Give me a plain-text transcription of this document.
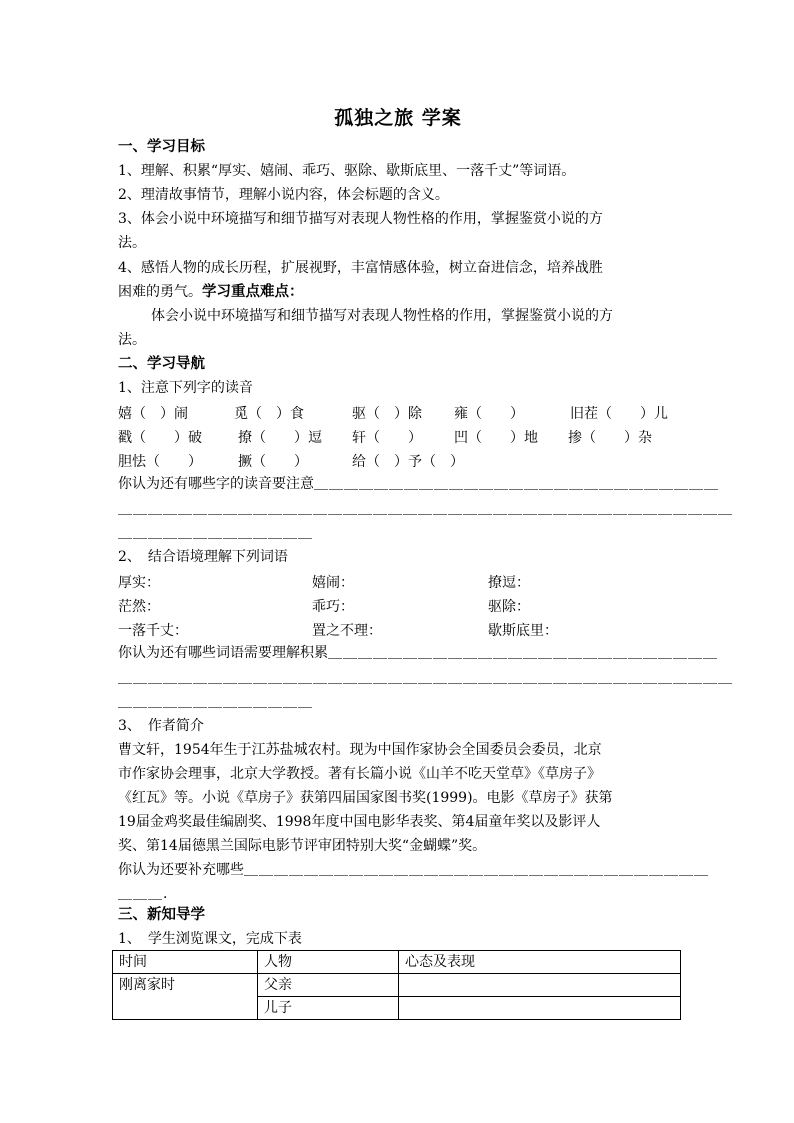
孤独之旅 学案
一、学习目标
1、理解、积累“厚实、嬉闹、乖巧、驱除、歇斯底里、一落千丈”等词语。
2、理清故事情节，理解小说内容，体会标题的含义。
3、体会小说中环境描写和细节描写对表现人物性格的作用，掌握鉴赏小说的方
法。
4、感悟人物的成长历程，扩展视野，丰富情感体验，树立奋进信念，培养战胜
困难的勇气。学习重点难点：
体会小说中环境描写和细节描写对表现人物性格的作用，掌握鉴赏小说的方
法。
二、学习导航
1、注意下列字的读音
嬉（　）闹	觅（　）食	驱（　）除 雍（　　）	旧茬（　　）儿
戳（　　）破	撩（　　）逗 轩（　　） 凹（　　）地 掺（　　）杂
胆怯（　　）	撅（　　）	给（　）予（　）
你认为还有哪些字的读音要注意＿＿＿＿＿＿＿＿＿＿＿＿＿＿＿＿＿＿＿＿＿＿＿＿＿＿＿
＿＿＿＿＿＿＿＿＿＿＿＿＿＿＿＿＿＿＿＿＿＿＿＿＿＿＿＿＿＿＿＿＿＿＿＿＿＿＿＿＿
＿＿＿＿＿＿＿＿＿＿＿＿＿
2、　结合语境理解下列词语
厚实：	嬉闹：	撩逗：
茫然：	乖巧：	驱除：
一落千丈：	置之不理：	歇斯底里：
你认为还有哪些词语需要理解积累＿＿＿＿＿＿＿＿＿＿＿＿＿＿＿＿＿＿＿＿＿＿＿＿＿＿
＿＿＿＿＿＿＿＿＿＿＿＿＿＿＿＿＿＿＿＿＿＿＿＿＿＿＿＿＿＿＿＿＿＿＿＿＿＿＿＿＿
＿＿＿＿＿＿＿＿＿＿＿＿＿
3、　作者简介
曹文轩，1954年生于江苏盐城农村。现为中国作家协会全国委员会委员，北京
市作家协会理事，北京大学教授。著有长篇小说《山羊不吃天堂草》《草房子》
《红瓦》等。小说《草房子》获第四届国家图书奖(1999)。电影《草房子》获第
19届金鸡奖最佳编剧奖、1998年度中国电影华表奖、第4届童年奖以及影评人
奖、第14届德黑兰国际电影节评审团特别大奖“金蝴蝶”奖。
你认为还要补充哪些＿＿＿＿＿＿＿＿＿＿＿＿＿＿＿＿＿＿＿＿＿＿＿＿＿＿＿＿＿＿＿
＿＿＿.
三、新知导学
1、　学生浏览课文，完成下表
时间	人物	心态及表现
刚离家时	父亲	
	儿子	
